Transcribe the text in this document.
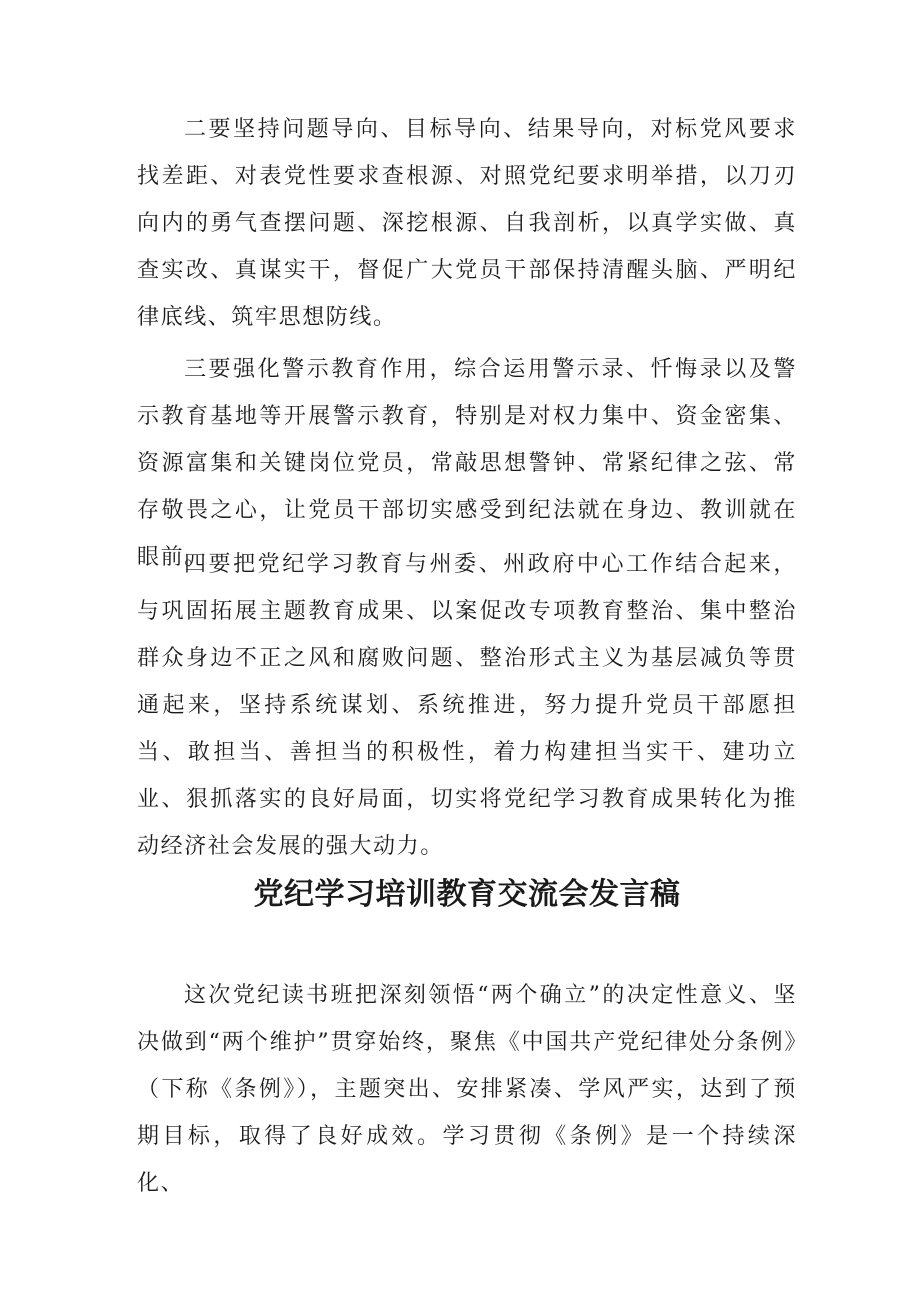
二要坚持问题导向、目标导向、结果导向，对标党风要求找差距、对表党性要求查根源、对照党纪要求明举措，以刀刃向内的勇气查摆问题、深挖根源、自我剖析，以真学实做、真查实改、真谋实干，督促广大党员干部保持清醒头脑、严明纪律底线、筑牢思想防线。

三要强化警示教育作用，综合运用警示录、忏悔录以及警示教育基地等开展警示教育，特别是对权力集中、资金密集、资源富集和关键岗位党员，常敲思想警钟、常紧纪律之弦、常存敬畏之心，让党员干部切实感受到纪法就在身边、教训就在眼前。

四要把党纪学习教育与州委、州政府中心工作结合起来，与巩固拓展主题教育成果、以案促改专项教育整治、集中整治群众身边不正之风和腐败问题、整治形式主义为基层减负等贯通起来，坚持系统谋划、系统推进，努力提升党员干部愿担当、敢担当、善担当的积极性，着力构建担当实干、建功立业、狠抓落实的良好局面，切实将党纪学习教育成果转化为推动经济社会发展的强大动力。

党纪学习培训教育交流会发言稿

这次党纪读书班把深刻领悟“两个确立”的决定性意义、坚决做到“两个维护”贯穿始终，聚焦《中国共产党纪律处分条例》（下称《条例》），主题突出、安排紧凑、学风严实，达到了预期目标，取得了良好成效。学习贯彻《条例》是一个持续深化、
